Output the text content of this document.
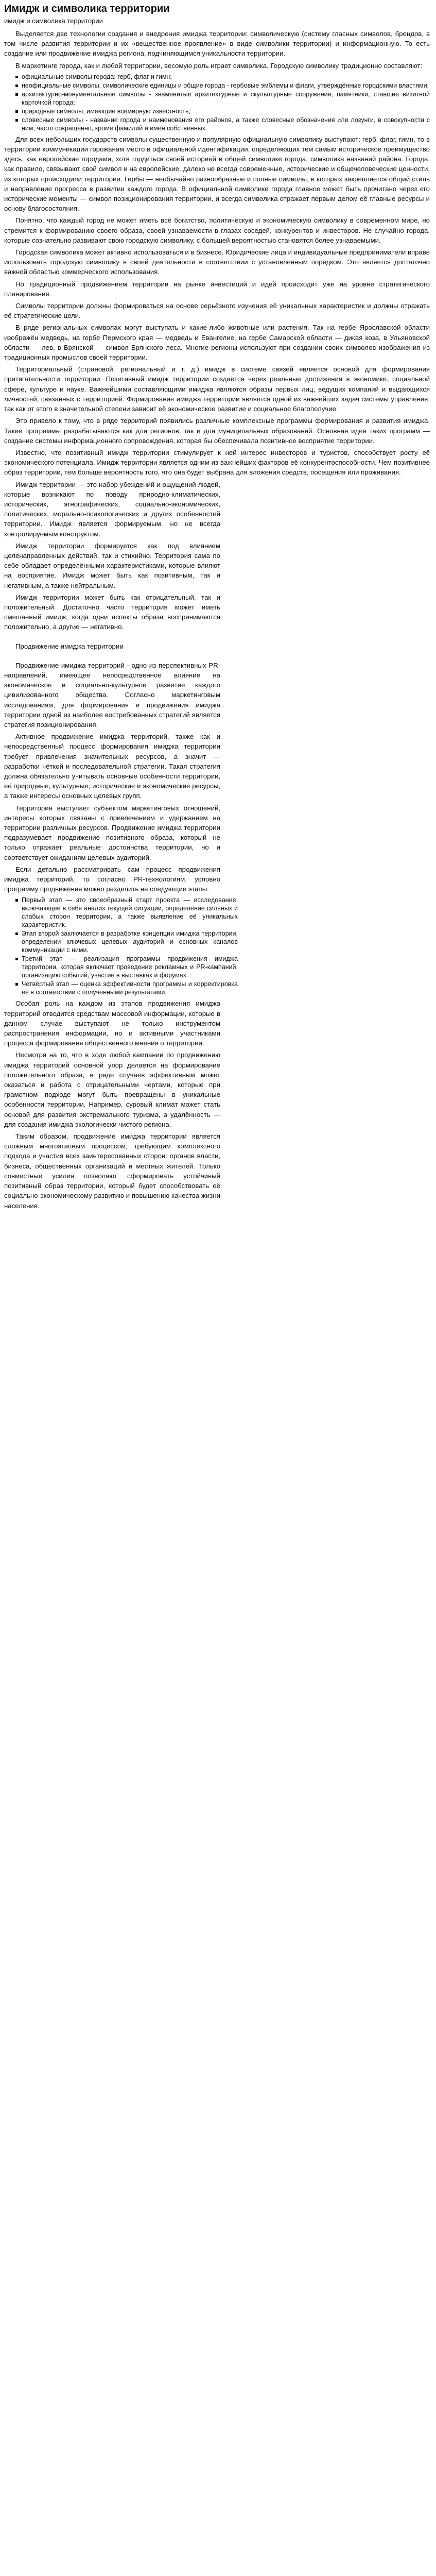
Имидж и символика территории
имидж и символика территории

Выделяется две технологии создания и внедрения имиджа территории: символическую (систему гласных символов, брендов, в том числе развития территории и их «вещественное проявление» в виде символики территории) и информационную. То есть создание или продвижение имиджа региона, подчиняющимся уникальности территории.

В маркетинге города, как и любой территории, весомую роль играет символика. Городскую символику традиционно составляют:

официальные символы города: герб, флаг и гимн;
неофициальные символы: символические единицы и общие города - гербовые эмблемы и флаги, утверждённые городскими властями;
архитектурно-монументальные символы - знаменитые архитектурные и скульптурные сооружения, памятники, ставшие визитной карточкой города;
природные символы, имеющие всемирную известность;
словесные символы - название города и наименования его районов, а также словесные обозначения или лозунги, в совокупности с ним, часто сокращённо, кроме фамилий и имён собственных.

Для всех небольших государств символы существенную и популярную официальную символику выступают: герб, флаг, гимн, то в территории коммуникации горожанам место в официальной идентификации, определяющих тем самым историческое преимущество здесь, как европейские городами, хотя гордиться своей историей в общей символике города, символика названий района. Города, как правило, связывают свой символ и на европейские, далеко не всегда современные, исторические и общечеловеческие ценности, из которых происходили территории. Гербы — необычайно разнообразные и полные символы, в которых закрепляется общий стиль и направление прогресса в развитии каждого города. В официальной символике города главное может быть прочитано через его исторические моменты — символ позиционирования территории, и всегда символика отражает первым делом её главные ресурсы и основу благосостояния.

Понятно, что каждый город не может иметь всё богатство, политическую и экономическую символику в современном мире, но стремится к формированию своего образа, своей узнаваемости в глазах соседей, конкурентов и инвесторов. Не случайно города, которые сознательно развивают свою городскую символику, с большей вероятностью становятся более узнаваемыми.

Городская символика может активно использоваться и в бизнесе. Юридические лица и индивидуальные предприниматели вправе использовать городскую символику в своей деятельности в соответствии с установленным порядком. Это является достаточно важной областью коммерческого использования.

Но традиционный продвижением территории на рынке инвестиций и идей происходит уже на уровне стратегического планирования.

Символы территории должны формироваться на основе серьёзного изучения её уникальных характеристик и должны отражать её стратегические цели.

В ряде региональных символах могут выступать и какие-либо животные или растения. Так на гербе Ярославской области изображён медведь, на гербе Пермского края — медведь и Евангелие, на гербе Самарской области — дикая коза, в Ульяновской области — лев, в Брянской — символ Брянского леса. Многие регионы используют при создании своих символов изображения из традиционных промыслов своей территории.

Территориальный (страновой, региональный и т. д.) имидж в системе связей является основой для формирования притягательности территории. Позитивный имидж территории создаётся через реальные достижения в экономике, социальной сфере, культуре и науке. Важнейшими составляющими имиджа являются образы первых лиц, ведущих компаний и выдающихся личностей, связанных с территорией. Формирование имиджа территории является одной из важнейших задач системы управления, так как от этого в значительной степени зависит её экономическое развитие и социальное благополучие.

Это привело к тому, что в ряде территорий появились различные комплексные программы формирования и развития имиджа. Такие программы разрабатываются как для регионов, так и для муниципальных образований. Основная идея таких программ — создание системы информационного сопровождения, которая бы обеспечивала позитивное восприятие территории.

Известно, что позитивный имидж территории стимулирует к ней интерес инвесторов и туристов, способствует росту её экономического потенциала. Имидж территории является одним из важнейших факторов её конкурентоспособности. Чем позитивнее образ территории, тем больше вероятность того, что она будет выбрана для вложения средств, посещения или проживания.

Имидж территории — это набор убеждений и ощущений людей, которые возникают по поводу природно-климатических, исторических, этнографических, социально-экономических, политических, морально-психологических и других особенностей территории. Имидж является формируемым, но не всегда контролируемым конструктом.

Имидж территории формируется как под влиянием целенаправленных действий, так и стихийно. Территория сама по себе обладает определёнными характеристиками, которые влияют на восприятие. Имидж может быть как позитивным, так и негативным, а также нейтральным.

Имидж территории может быть как отрицательный, так и положительный. Достаточно часто территория может иметь смешанный имидж, когда одни аспекты образа воспринимаются положительно, а другие — негативно.

Продвижение имиджа территории

Продвижение имиджа территорий - одно из перспективных PR-направлений, имеющее непосредственное влияние на экономическое и социально-культурное развитие каждого цивилизованного общества. Согласно маркетинговым исследованиям, для формирования и продвижения имиджа территории одной из наиболее востребованных стратегий является стратегия позиционирования.

Активное продвижение имиджа территорий, также как и непосредственный процесс формирования имиджа территории требует привлечения значительных ресурсов, а значит — разработки чёткой и последовательной стратегии. Такая стратегия должна обязательно учитывать основные особенности территории, её природные, культурные, исторические и экономические ресурсы, а также интересы основных целевых групп.

Территория выступает субъектом маркетинговых отношений, интересы которых связаны с привлечением и удержанием на территории различных ресурсов. Продвижение имиджа территории подразумевает продвижение позитивного образа, который не только отражает реальные достоинства территории, но и соответствует ожиданиям целевых аудиторий.

Если детально рассматривать сам процесс продвижения имиджа территорий, то согласно PR-технологиям, условно программу продвижения можно разделить на следующие этапы:

Первый этап — это своеобразный старт проекта — исследование, включающее в себя анализ текущей ситуации, определение сильных и слабых сторон территории, а также выявление её уникальных характеристик.
Этап второй заключается в разработке концепции имиджа территории, определении ключевых целевых аудиторий и основных каналов коммуникации с ними.
Третий этап — реализация программы продвижения имиджа территории, которая включает проведение рекламных и PR-кампаний, организацию событий, участие в выставках и форумах.
Четвёртый этап — оценка эффективности программы и корректировка её в соответствии с полученными результатами.

Особая роль на каждом из этапов продвижения имиджа территорий отводится средствам массовой информации, которые в данном случае выступают не только инструментом распространения информации, но и активными участниками процесса формирования общественного мнения о территории.

Несмотря на то, что в ходе любой кампании по продвижению имиджа территорий основной упор делается на формирование положительного образа, в ряде случаев эффективным может оказаться и работа с отрицательными чертами, которые при грамотном подходе могут быть превращены в уникальные особенности территории. Например, суровый климат может стать основой для развития экстремального туризма, а удалённость — для создания имиджа экологически чистого региона.

Таким образом, продвижение имиджа территории является сложным многоэтапным процессом, требующим комплексного подхода и участия всех заинтересованных сторон: органов власти, бизнеса, общественных организаций и местных жителей. Только совместные усилия позволяют сформировать устойчивый позитивный образ территории, который будет способствовать её социально-экономическому развитию и повышению качества жизни населения.
